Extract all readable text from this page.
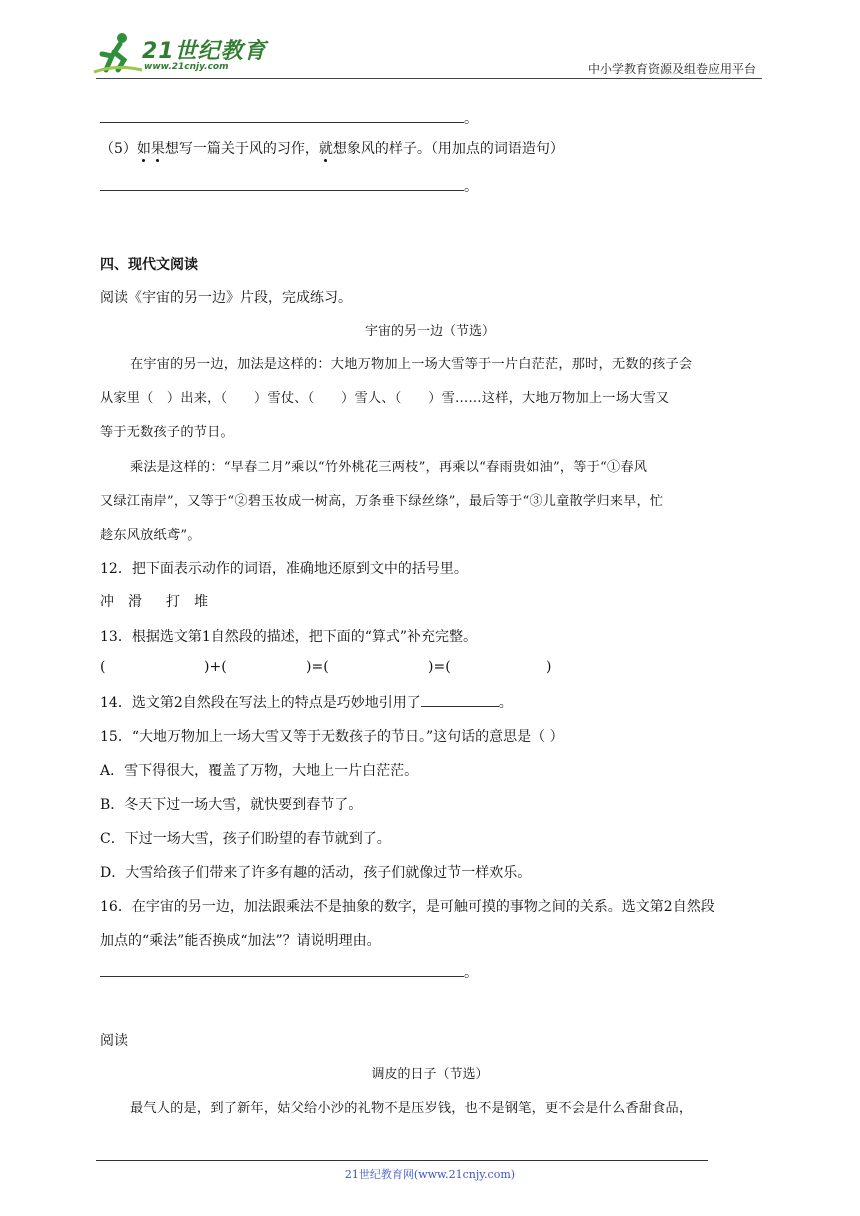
21世纪教育
www.21cnjy.com	中小学教育资源及组卷应用平台
。
（5）如果想写一篇关于风的习作，就想象风的样子。（用加点的词语造句）
。
四、现代文阅读
阅读《宇宙的另一边》片段，完成练习。
宇宙的另一边（节选）
在宇宙的另一边，加法是这样的：大地万物加上一场大雪等于一片白茫茫，那时，无数的孩子会
从家里（　）出来，（　　）雪仗、（　　）雪人、（　　）雪……这样，大地万物加上一场大雪又
等于无数孩子的节日。
乘法是这样的：“早春二月”乘以“竹外桃花三两枝”，再乘以“春雨贵如油”，等于“①春风
又绿江南岸”，又等于“②碧玉妆成一树高，万条垂下绿丝绦”，最后等于“③儿童散学归来早，忙
趁东风放纸鸢”。
12．把下面表示动作的词语，准确地还原到文中的括号里。
冲 滑 打 堆
13．根据选文第1自然段的描述，把下面的“算式”补充完整。
(	)+(	)=(	)=(	)
14．选文第2自然段在写法上的特点是巧妙地引用了	。
15．“大地万物加上一场大雪又等于无数孩子的节日。”这句话的意思是（ ）
A．雪下得很大，覆盖了万物，大地上一片白茫茫。
B．冬天下过一场大雪，就快要到春节了。
C．下过一场大雪，孩子们盼望的春节就到了。
D．大雪给孩子们带来了许多有趣的活动，孩子们就像过节一样欢乐。
16．在宇宙的另一边，加法跟乘法不是抽象的数字，是可触可摸的事物之间的关系。选文第2自然段
加点的“乘法”能否换成“加法”？请说明理由。
。
阅读
调皮的日子（节选）
最气人的是，到了新年，姑父给小沙的礼物不是压岁钱，也不是钢笔，更不会是什么香甜食品，
21世纪教育网(www.21cnjy.com)
